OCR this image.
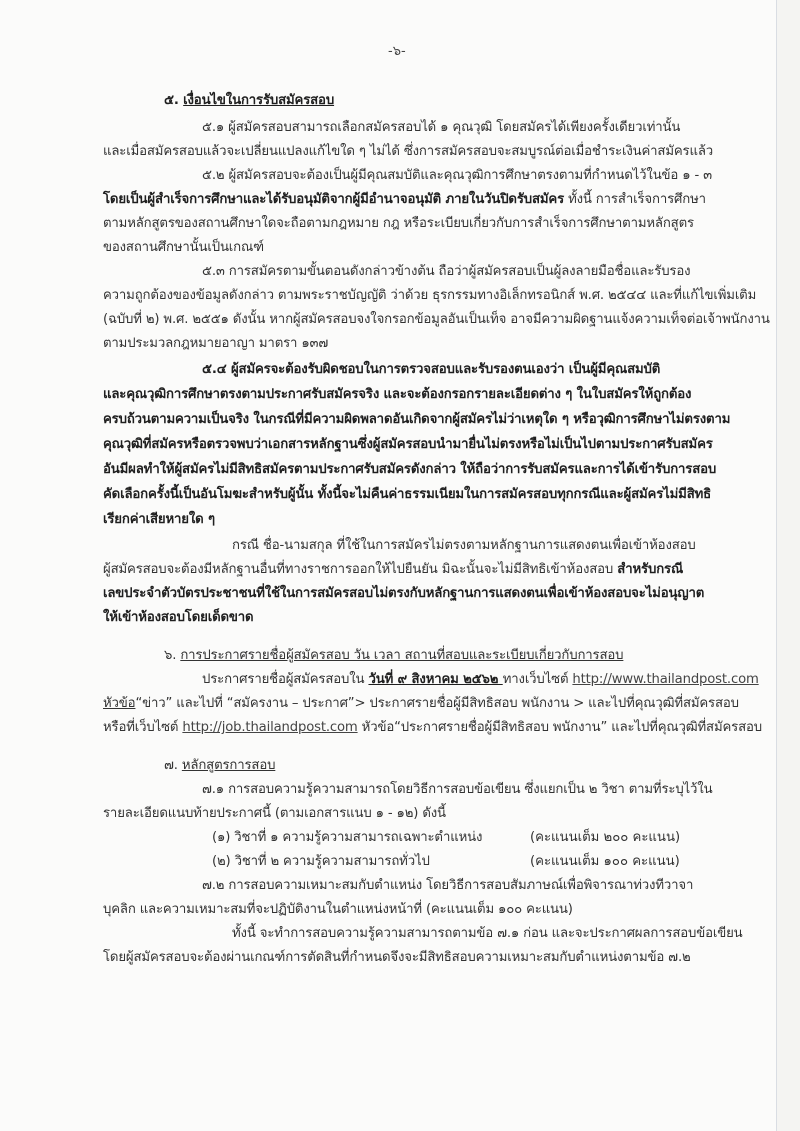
-๖-
๕. เงื่อนไขในการรับสมัครสอบ
๕.๑ ผู้สมัครสอบสามารถเลือกสมัครสอบได้ ๑ คุณวุฒิ โดยสมัครได้เพียงครั้งเดียวเท่านั้น
และเมื่อสมัครสอบแล้วจะเปลี่ยนแปลงแก้ไขใด ๆ ไม่ได้ ซึ่งการสมัครสอบจะสมบูรณ์ต่อเมื่อชำระเงินค่าสมัครแล้ว
๕.๒ ผู้สมัครสอบจะต้องเป็นผู้มีคุณสมบัติและคุณวุฒิการศึกษาตรงตามที่กำหนดไว้ในข้อ ๑ - ๓
โดยเป็นผู้สำเร็จการศึกษาและได้รับอนุมัติจากผู้มีอำนาจอนุมัติ ภายในวันปิดรับสมัคร ทั้งนี้ การสำเร็จการศึกษา
ตามหลักสูตรของสถานศึกษาใดจะถือตามกฎหมาย กฎ หรือระเบียบเกี่ยวกับการสำเร็จการศึกษาตามหลักสูตร
ของสถานศึกษานั้นเป็นเกณฑ์
๕.๓ การสมัครตามขั้นตอนดังกล่าวข้างต้น ถือว่าผู้สมัครสอบเป็นผู้ลงลายมือชื่อและรับรอง
ความถูกต้องของข้อมูลดังกล่าว ตามพระราชบัญญัติ ว่าด้วย ธุรกรรมทางอิเล็กทรอนิกส์ พ.ศ. ๒๕๔๔ และที่แก้ไขเพิ่มเติม
(ฉบับที่ ๒) พ.ศ. ๒๕๕๑ ดังนั้น หากผู้สมัครสอบจงใจกรอกข้อมูลอันเป็นเท็จ อาจมีความผิดฐานแจ้งความเท็จต่อเจ้าพนักงาน
ตามประมวลกฎหมายอาญา มาตรา ๑๓๗
๕.๔ ผู้สมัครจะต้องรับผิดชอบในการตรวจสอบและรับรองตนเองว่า เป็นผู้มีคุณสมบัติ
และคุณวุฒิการศึกษาตรงตามประกาศรับสมัครจริง และจะต้องกรอกรายละเอียดต่าง ๆ ในใบสมัครให้ถูกต้อง
ครบถ้วนตามความเป็นจริง ในกรณีที่มีความผิดพลาดอันเกิดจากผู้สมัครไม่ว่าเหตุใด ๆ หรือวุฒิการศึกษาไม่ตรงตาม
คุณวุฒิที่สมัครหรือตรวจพบว่าเอกสารหลักฐานซึ่งผู้สมัครสอบนำมายื่นไม่ตรงหรือไม่เป็นไปตามประกาศรับสมัคร
อันมีผลทำให้ผู้สมัครไม่มีสิทธิสมัครตามประกาศรับสมัครดังกล่าว ให้ถือว่าการรับสมัครและการได้เข้ารับการสอบ
คัดเลือกครั้งนี้เป็นอันโมฆะสำหรับผู้นั้น ทั้งนี้จะไม่คืนค่าธรรมเนียมในการสมัครสอบทุกกรณีและผู้สมัครไม่มีสิทธิ
เรียกค่าเสียหายใด ๆ
กรณี ชื่อ-นามสกุล ที่ใช้ในการสมัครไม่ตรงตามหลักฐานการแสดงตนเพื่อเข้าห้องสอบ
ผู้สมัครสอบจะต้องมีหลักฐานอื่นที่ทางราชการออกให้ไปยืนยัน มิฉะนั้นจะไม่มีสิทธิเข้าห้องสอบ สำหรับกรณี
เลขประจำตัวบัตรประชาชนที่ใช้ในการสมัครสอบไม่ตรงกับหลักฐานการแสดงตนเพื่อเข้าห้องสอบจะไม่อนุญาต
ให้เข้าห้องสอบโดยเด็ดขาด
๖. การประกาศรายชื่อผู้สมัครสอบ วัน เวลา สถานที่สอบและระเบียบเกี่ยวกับการสอบ
ประกาศรายชื่อผู้สมัครสอบใน วันที่ ๙ สิงหาคม ๒๕๖๒ ทางเว็บไซต์ http://www.thailandpost.com
หัวข้อ“ข่าว” และไปที่ “สมัครงาน – ประกาศ”> ประกาศรายชื่อผู้มีสิทธิสอบ พนักงาน > และไปที่คุณวุฒิที่สมัครสอบ
หรือที่เว็บไซต์ http://job.thailandpost.com หัวข้อ“ประกาศรายชื่อผู้มีสิทธิสอบ พนักงาน” และไปที่คุณวุฒิที่สมัครสอบ
๗. หลักสูตรการสอบ
๗.๑ การสอบความรู้ความสามารถโดยวิธีการสอบข้อเขียน ซึ่งแยกเป็น ๒ วิชา ตามที่ระบุไว้ใน
รายละเอียดแนบท้ายประกาศนี้ (ตามเอกสารแนบ ๑ - ๑๒) ดังนี้
(๑) วิชาที่ ๑ ความรู้ความสามารถเฉพาะตำแหน่ง	(คะแนนเต็ม ๒๐๐ คะแนน)
(๒) วิชาที่ ๒ ความรู้ความสามารถทั่วไป	(คะแนนเต็ม ๑๐๐ คะแนน)
๗.๒ การสอบความเหมาะสมกับตำแหน่ง โดยวิธีการสอบสัมภาษณ์เพื่อพิจารณาท่วงทีวาจา
บุคลิก และความเหมาะสมที่จะปฏิบัติงานในตำแหน่งหน้าที่ (คะแนนเต็ม ๑๐๐ คะแนน)
ทั้งนี้ จะทำการสอบความรู้ความสามารถตามข้อ ๗.๑ ก่อน และจะประกาศผลการสอบข้อเขียน
โดยผู้สมัครสอบจะต้องผ่านเกณฑ์การตัดสินที่กำหนดจึงจะมีสิทธิสอบความเหมาะสมกับตำแหน่งตามข้อ ๗.๒
